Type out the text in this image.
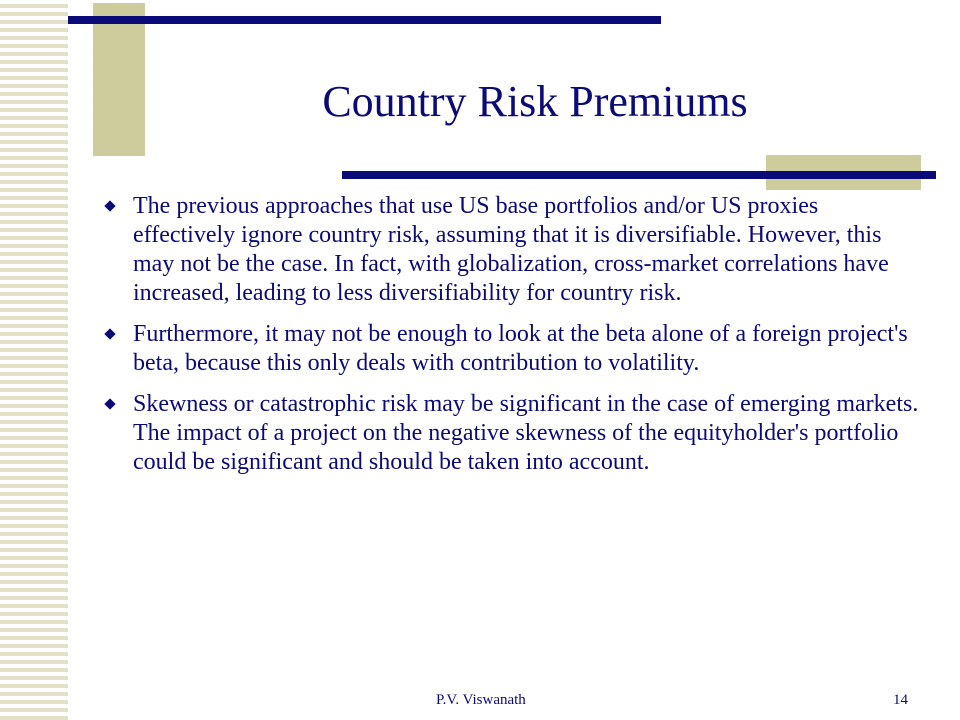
Country Risk Premiums
The previous approaches that use US base portfolios and/or US proxies effectively ignore country risk, assuming that it is diversifiable. However, this may not be the case. In fact, with globalization, cross-market correlations have increased, leading to less diversifiability for country risk.
Furthermore, it may not be enough to look at the beta alone of a foreign project's beta, because this only deals with contribution to volatility.
Skewness or catastrophic risk may be significant in the case of emerging markets. The impact of a project on the negative skewness of the equityholder's portfolio could be significant and should be taken into account.
P.V. Viswanath	14
